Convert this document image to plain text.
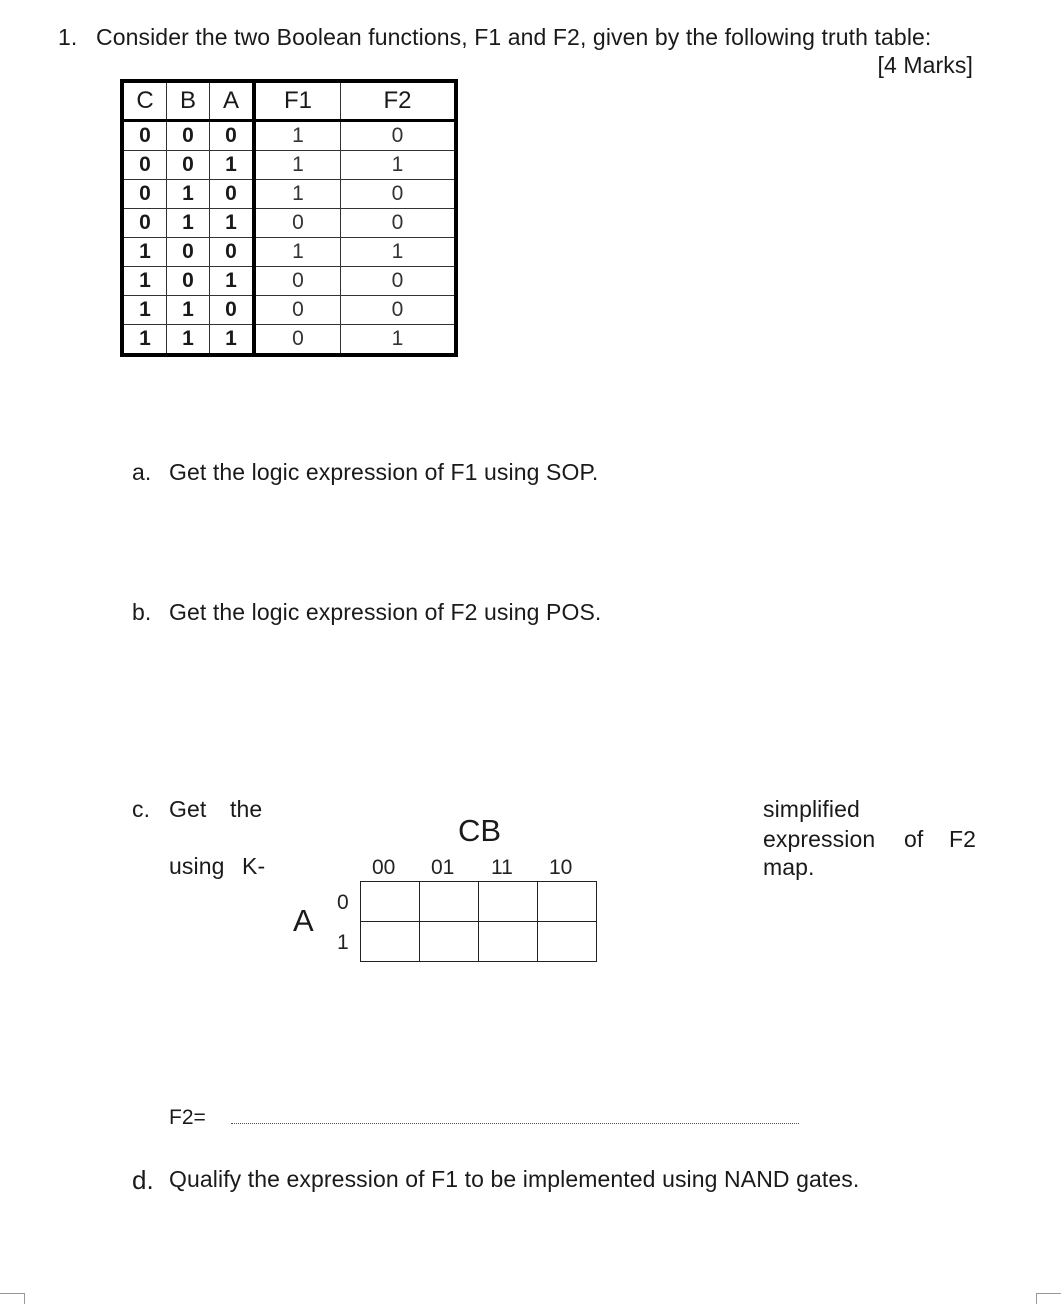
1. Consider the two Boolean functions, F1 and F2, given by the following truth table:
[4 Marks]
C	B	A	F1	F2
0	0	0	1	0
0	0	1	1	1
0	1	0	1	0
0	1	1	0	0
1	0	0	1	1
1	0	1	0	0
1	1	0	0	0
1	1	1	0	1
a. Get the logic expression of F1 using SOP.
b. Get the logic expression of F2 using POS.
c. Get the
using K-
simplified
expression of F2
map.
CB
00 01 11 10
A
0
1

F2=
d. Qualify the expression of F1 to be implemented using NAND gates.
